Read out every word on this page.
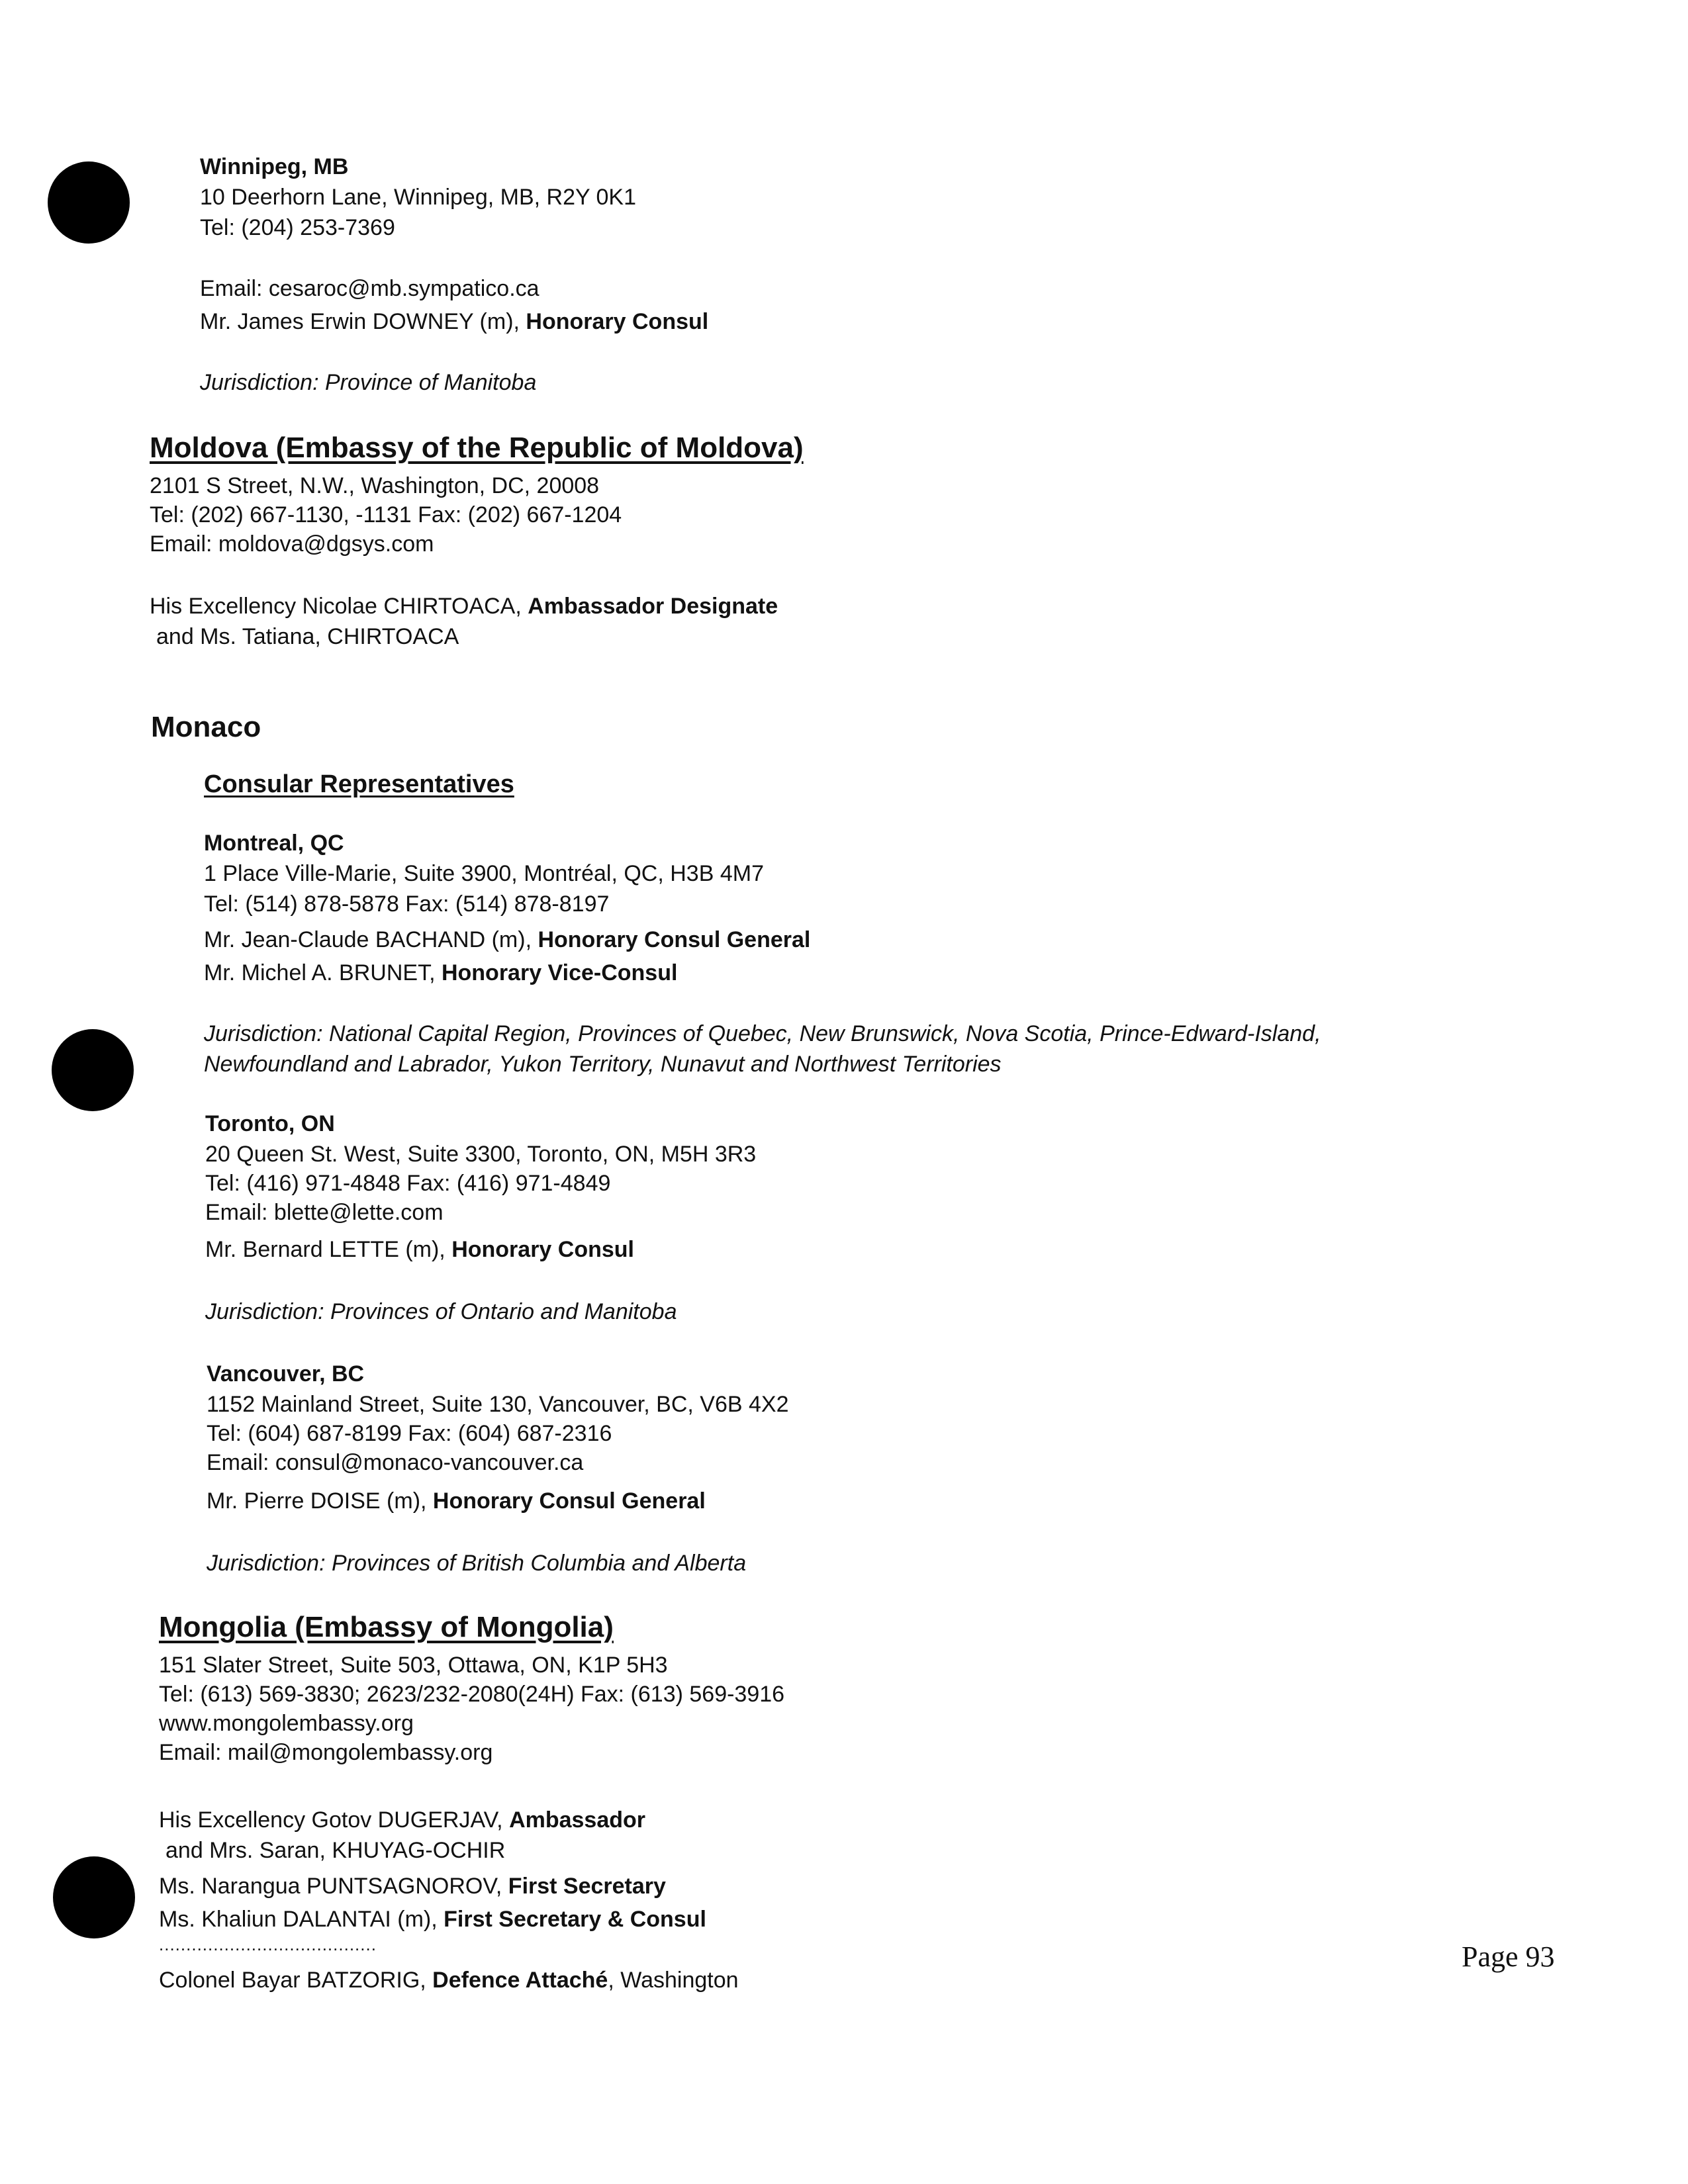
Winnipeg, MB
10 Deerhorn Lane, Winnipeg, MB, R2Y 0K1
Tel: (204) 253-7369
Email: cesaroc@mb.sympatico.ca
Mr. James Erwin DOWNEY (m), Honorary Consul
Jurisdiction: Province of Manitoba
Moldova (Embassy of the Republic of Moldova)
2101 S Street, N.W., Washington, DC, 20008
Tel: (202) 667-1130, -1131 Fax: (202) 667-1204
Email: moldova@dgsys.com
His Excellency Nicolae CHIRTOACA, Ambassador Designate
and Ms. Tatiana, CHIRTOACA
Monaco
Consular Representatives
Montreal, QC
1 Place Ville-Marie, Suite 3900, Montréal, QC, H3B 4M7
Tel: (514) 878-5878 Fax: (514) 878-8197
Mr. Jean-Claude BACHAND (m), Honorary Consul General
Mr. Michel A. BRUNET, Honorary Vice-Consul
Jurisdiction: National Capital Region, Provinces of Quebec, New Brunswick, Nova Scotia, Prince-Edward-Island,
Newfoundland and Labrador, Yukon Territory, Nunavut and Northwest Territories
Toronto, ON
20 Queen St. West, Suite 3300, Toronto, ON, M5H 3R3
Tel: (416) 971-4848 Fax: (416) 971-4849
Email: blette@lette.com
Mr. Bernard LETTE (m), Honorary Consul
Jurisdiction: Provinces of Ontario and Manitoba
Vancouver, BC
1152 Mainland Street, Suite 130, Vancouver, BC, V6B 4X2
Tel: (604) 687-8199 Fax: (604) 687-2316
Email: consul@monaco-vancouver.ca
Mr. Pierre DOISE (m), Honorary Consul General
Jurisdiction: Provinces of British Columbia and Alberta
Mongolia (Embassy of Mongolia)
151 Slater Street, Suite 503, Ottawa, ON, K1P 5H3
Tel: (613) 569-3830; 2623/232-2080(24H) Fax: (613) 569-3916
www.mongolembassy.org
Email: mail@mongolembassy.org
His Excellency Gotov DUGERJAV, Ambassador
and Mrs. Saran, KHUYAG-OCHIR
Ms. Narangua PUNTSAGNOROV, First Secretary
Ms. Khaliun DALANTAI (m), First Secretary & Consul
........................................
Colonel Bayar BATZORIG, Defence Attaché, Washington
Page 93
